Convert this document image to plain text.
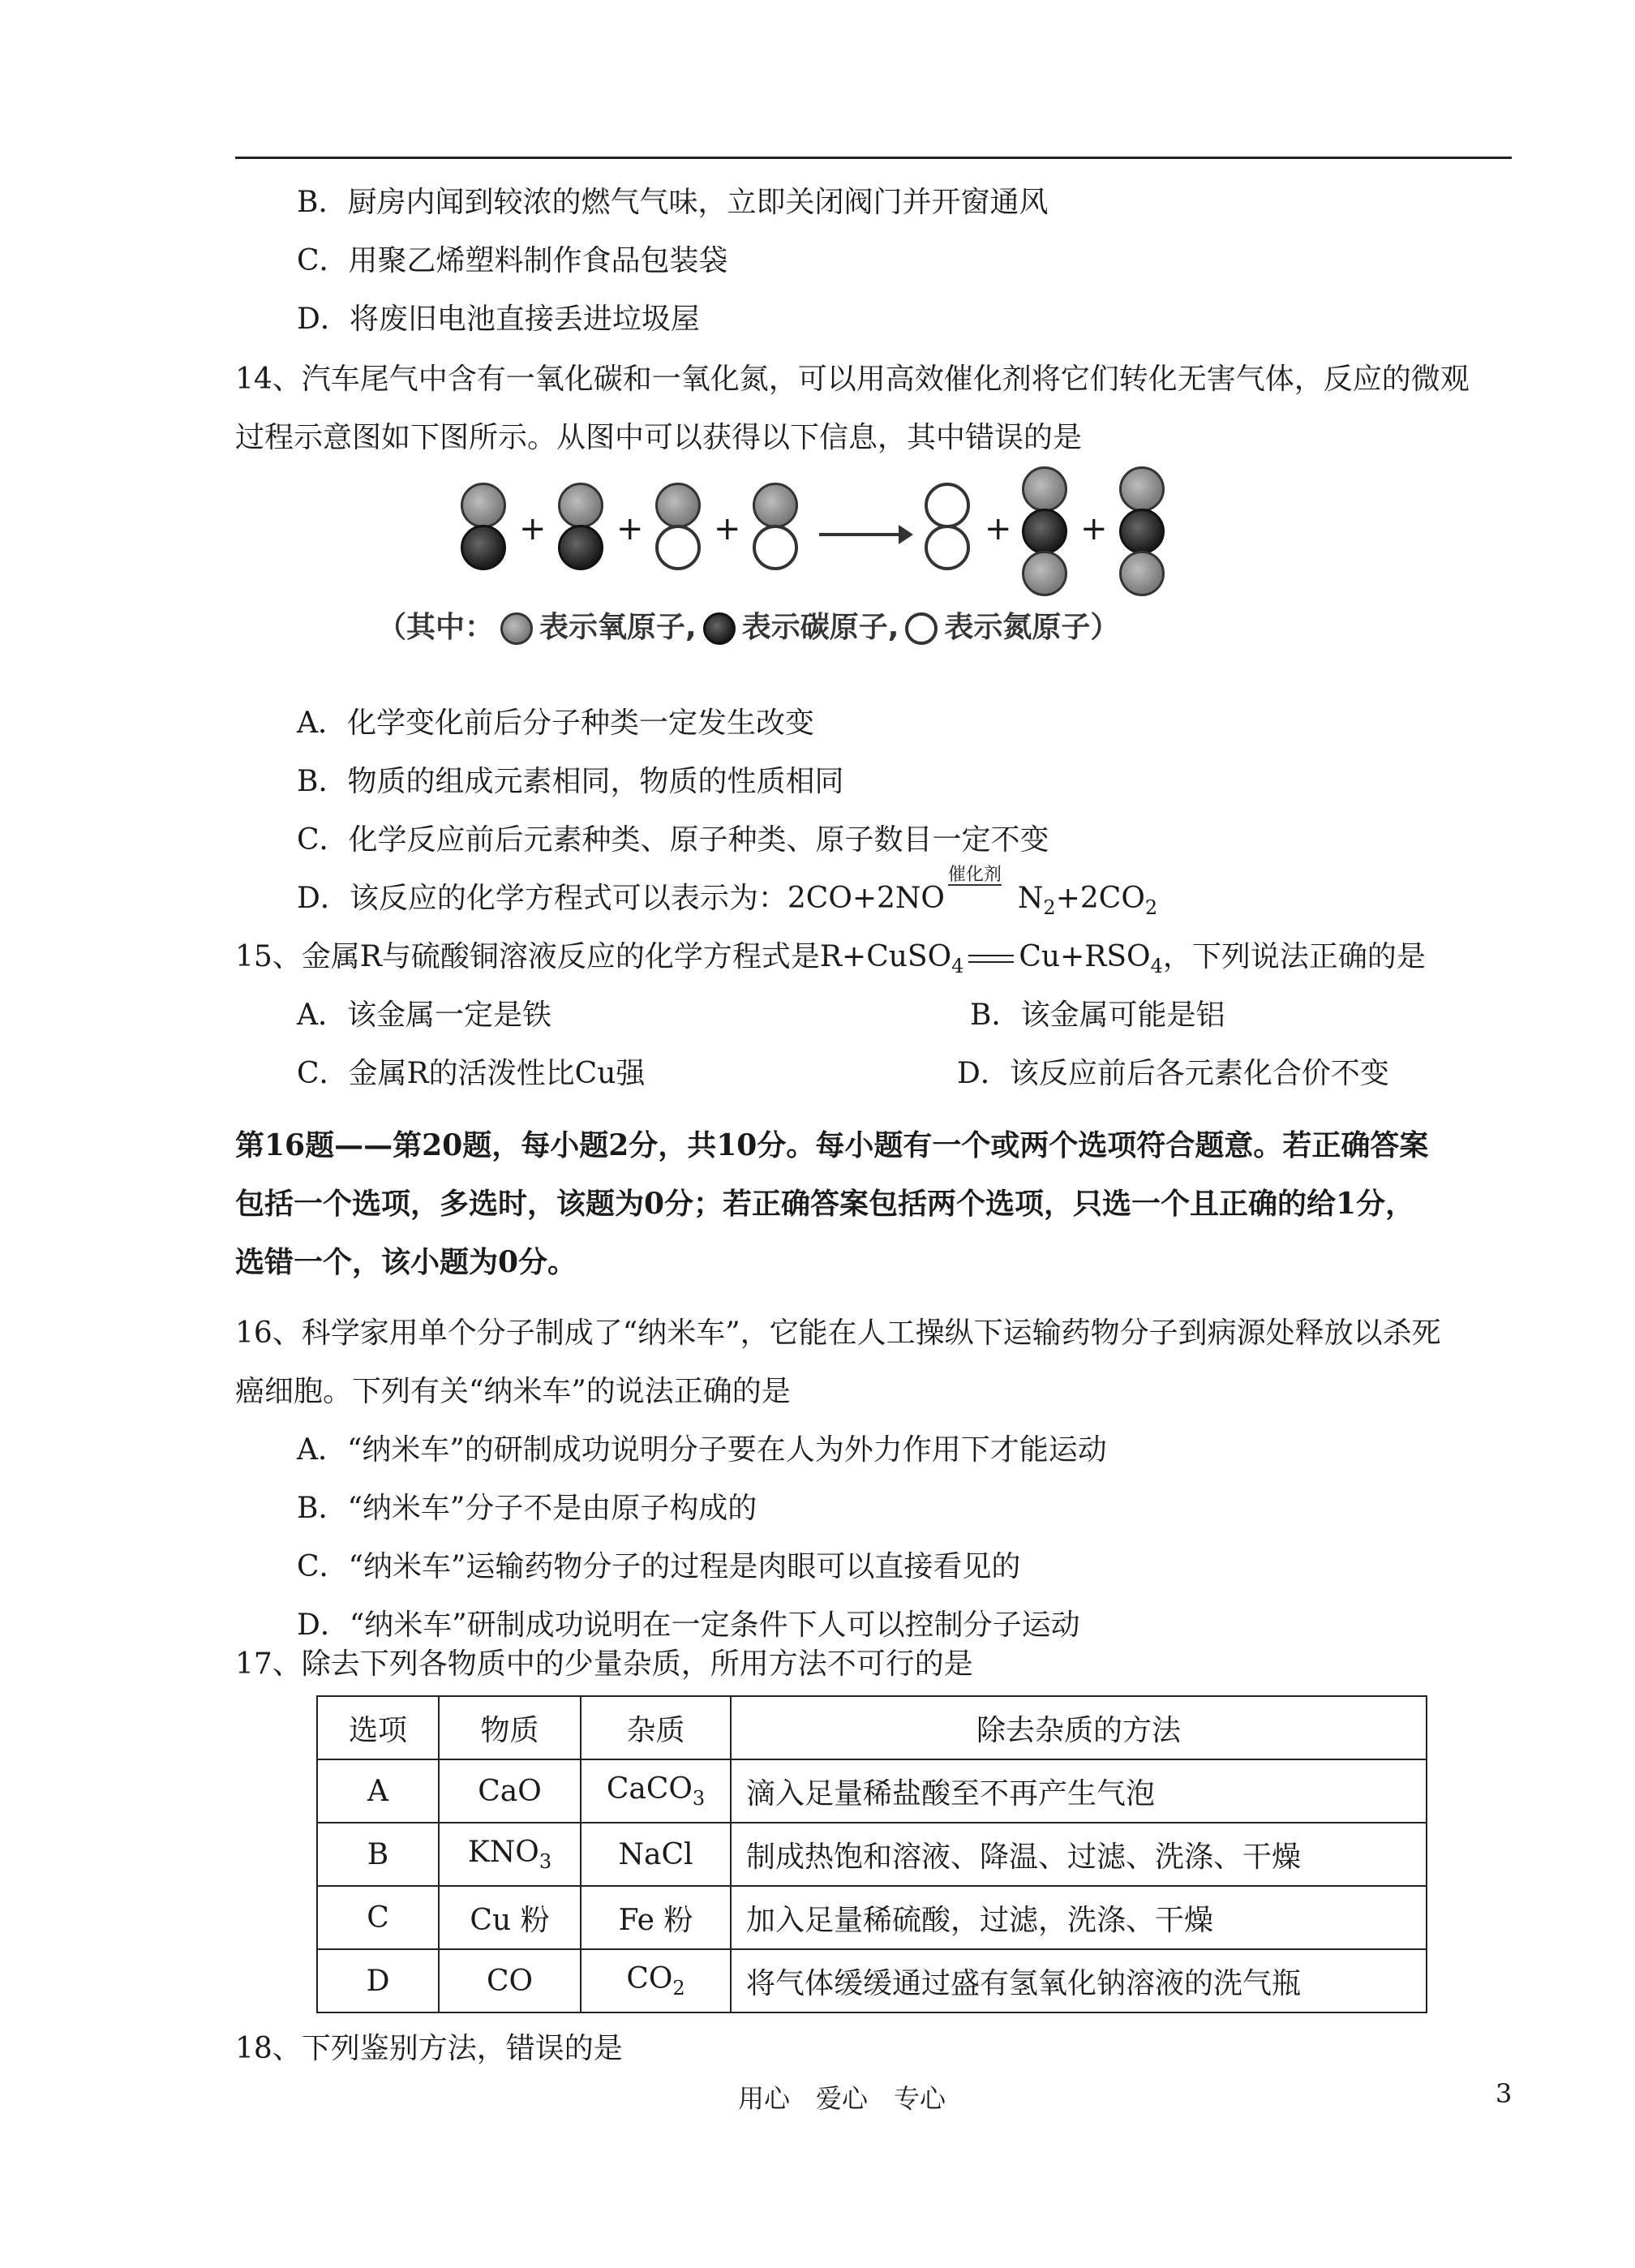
B．厨房内闻到较浓的燃气气味，立即关闭阀门并开窗通风
C．用聚乙烯塑料制作食品包装袋
D．将废旧电池直接丢进垃圾屋
14、汽车尾气中含有一氧化碳和一氧化氮，可以用高效催化剂将它们转化无害气体，反应的微观
过程示意图如下图所示。从图中可以获得以下信息，其中错误的是
+ + +	+ +
（其中： 表示氧原子, 表示碳原子, 表示氮原子）
A．化学变化前后分子种类一定发生改变
B．物质的组成元素相同，物质的性质相同
C．化学反应前后元素种类、原子种类、原子数目一定不变
D．该反应的化学方程式可以表示为：2CO+2NO
催化剂
$N_2+2CO_2$
15、金属R与硫酸铜溶液反应的化学方程式是R+CuSO$_4$ $Cu+RSO_4$，下列说法正确的是
A．该金属一定是铁	B．该金属可能是铝
C．金属R的活泼性比Cu强	D．该反应前后各元素化合价不变
第16题——第20题，每小题2分，共10分。每小题有一个或两个选项符合题意。若正确答案
包括一个选项，多选时，该题为0分；若正确答案包括两个选项，只选一个且正确的给1分，
选错一个，该小题为0分。
16、科学家用单个分子制成了“纳米车”，它能在人工操纵下运输药物分子到病源处释放以杀死
癌细胞。下列有关“纳米车”的说法正确的是
A．“纳米车”的研制成功说明分子要在人为外力作用下才能运动
B．“纳米车”分子不是由原子构成的
C．“纳米车”运输药物分子的过程是肉眼可以直接看见的
D．“纳米车”研制成功说明在一定条件下人可以控制分子运动
17、除去下列各物质中的少量杂质，所用方法不可行的是
选项	物质	杂质	除去杂质的方法
A	CaO	CaCO$_3$	滴入足量稀盐酸至不再产生气泡
B	$KNO_3$	NaCl	制成热饱和溶液、降温、过滤、洗涤、干燥
C	Cu 粉	Fe 粉	加入足量稀硫酸，过滤，洗涤、干燥
D	CO	$CO_2$	将气体缓缓通过盛有氢氧化钠溶液的洗气瓶
18、下列鉴别方法，错误的是
用心　爱心　专心	3
